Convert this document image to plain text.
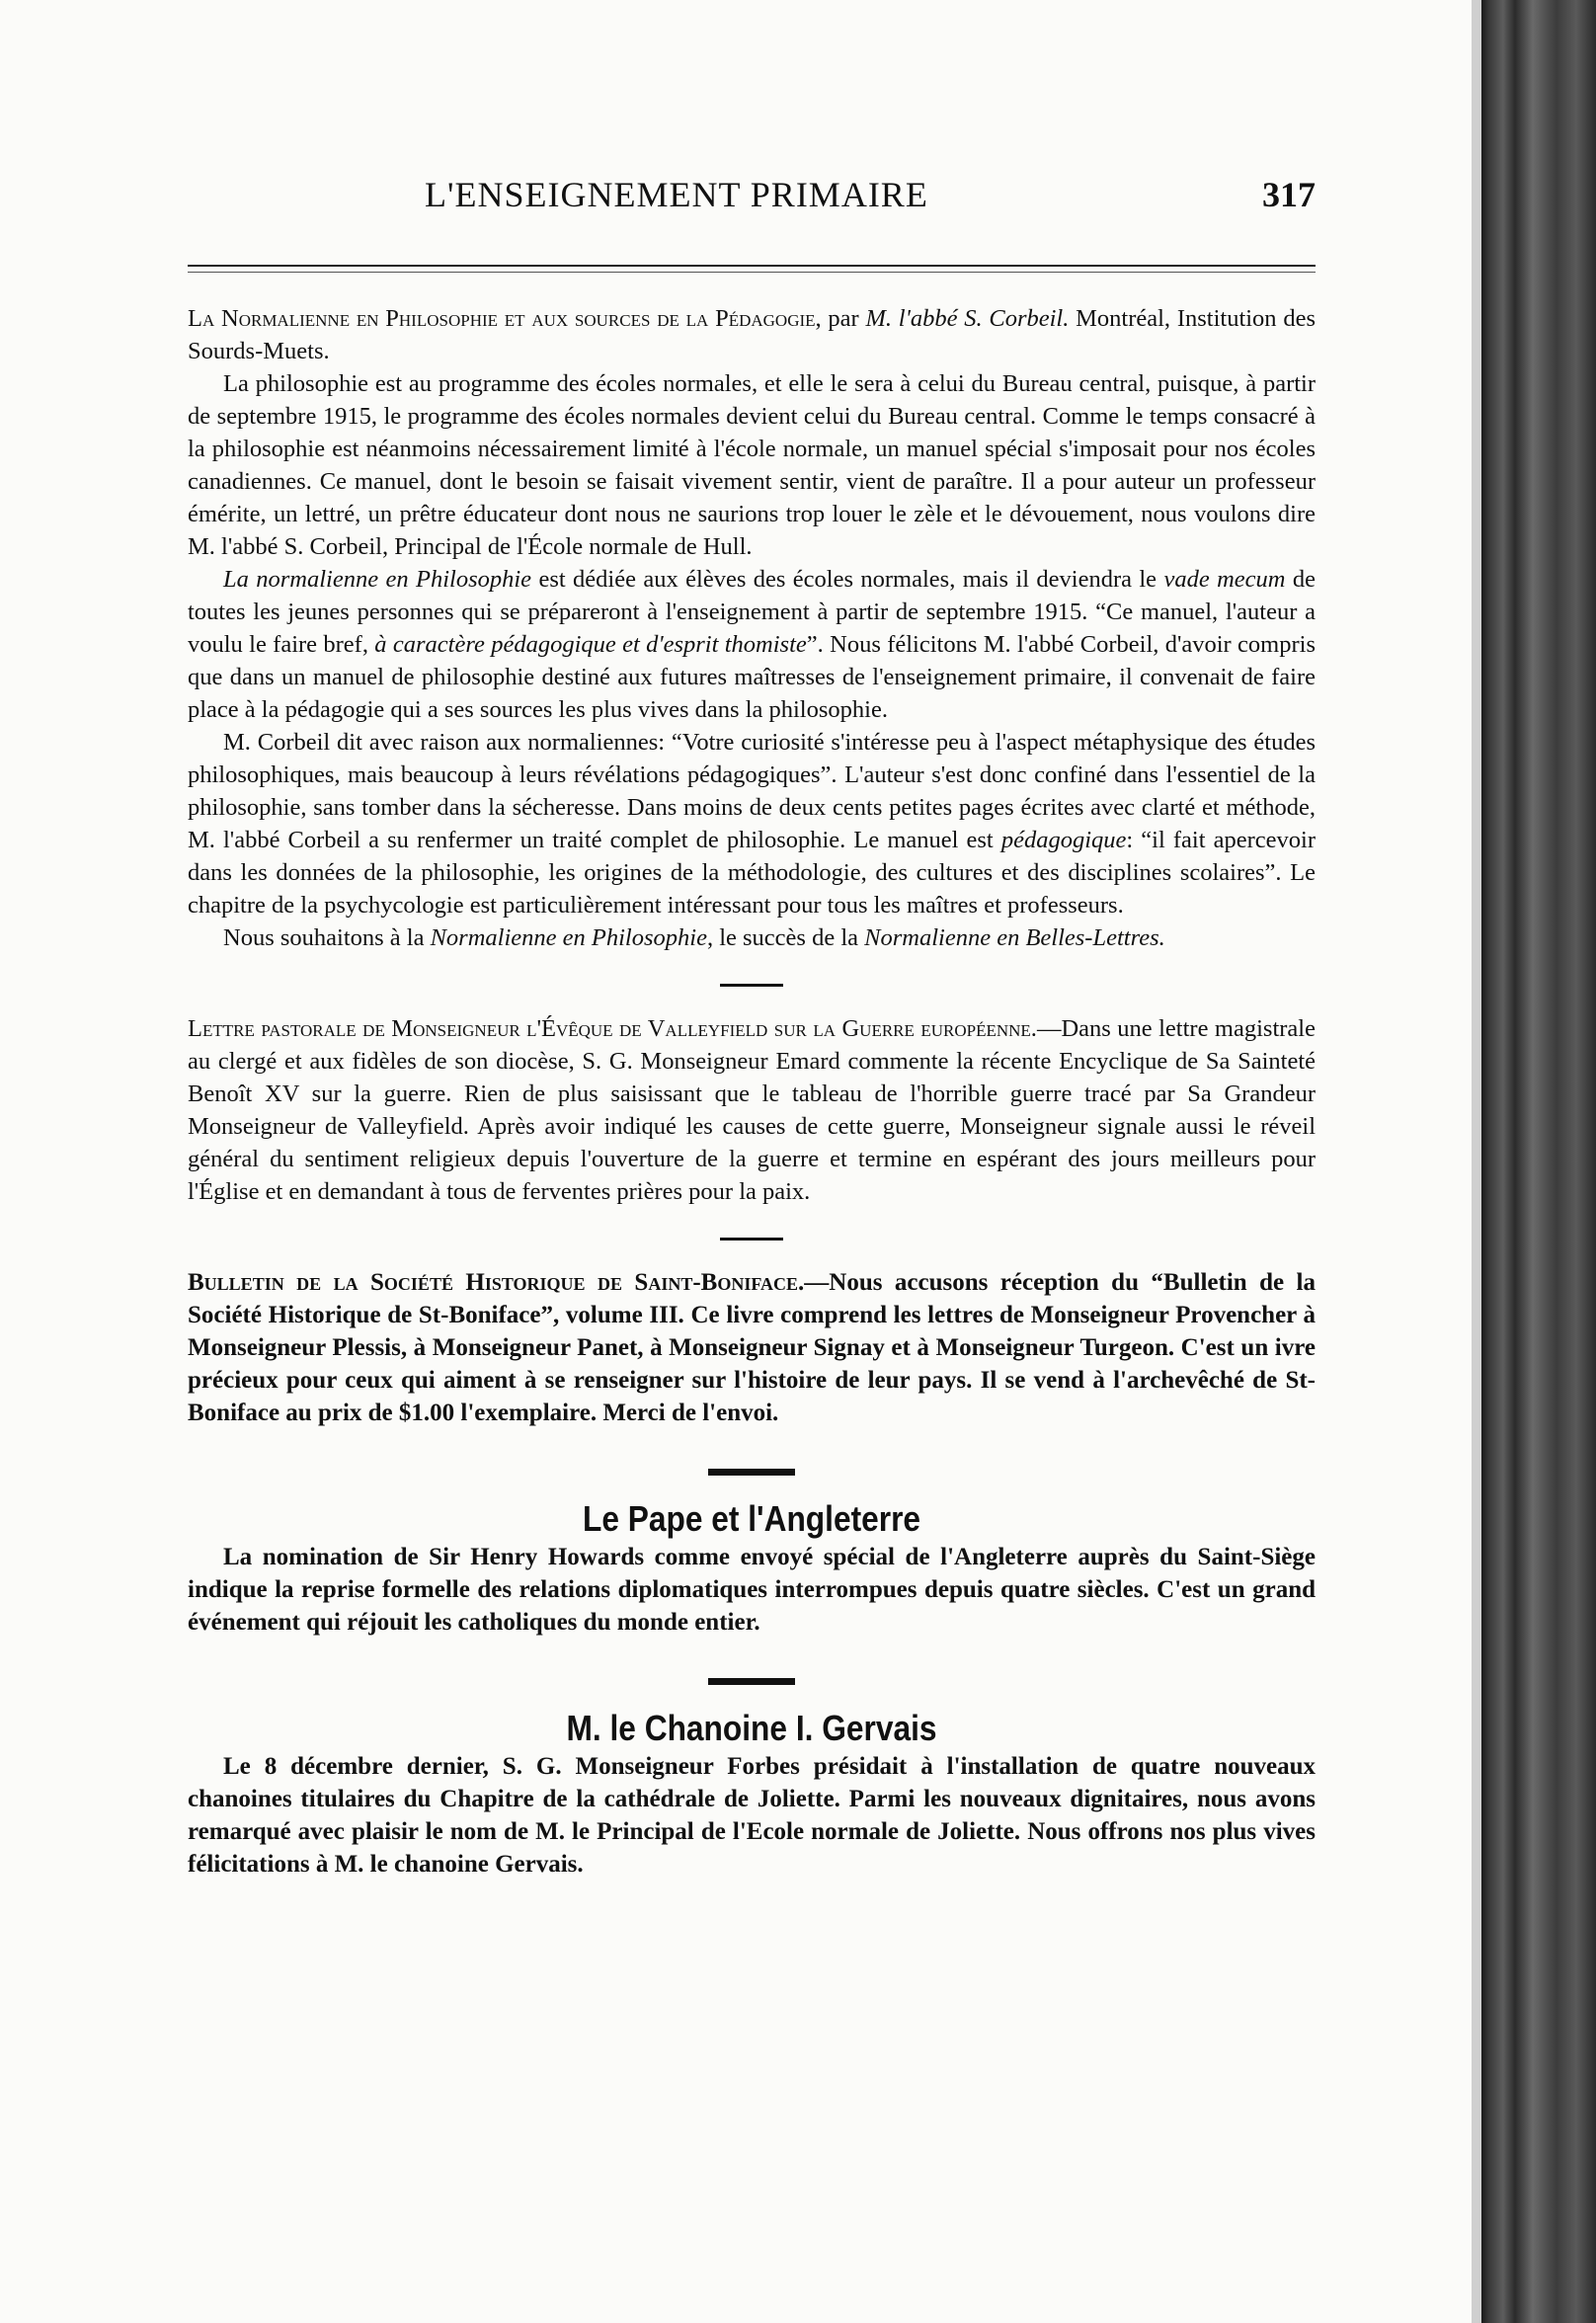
L'ENSEIGNEMENT PRIMAIRE	317

La Normalienne en Philosophie et aux sources de la Pédagogie, par M. l'abbé S. Corbeil. Montréal, Institution des Sourds-Muets.

La philosophie est au programme des écoles normales, et elle le sera à celui du Bureau central, puisque, à partir de septembre 1915, le programme des écoles normales devient celui du Bureau central. Comme le temps consacré à la philosophie est néanmoins nécessairement limité à l'école normale, un manuel spécial s'imposait pour nos écoles canadiennes. Ce manuel, dont le besoin se faisait vivement sentir, vient de paraître. Il a pour auteur un professeur émérite, un lettré, un prêtre éducateur dont nous ne saurions trop louer le zèle et le dévouement, nous voulons dire M. l'abbé S. Corbeil, Principal de l'École normale de Hull.

La normalienne en Philosophie est dédiée aux élèves des écoles normales, mais il deviendra le vade mecum de toutes les jeunes personnes qui se prépareront à l'enseignement à partir de septembre 1915. “Ce manuel, l'auteur a voulu le faire bref, à caractère pédagogique et d'esprit thomiste”. Nous félicitons M. l'abbé Corbeil, d'avoir compris que dans un manuel de philosophie destiné aux futures maîtresses de l'enseignement primaire, il convenait de faire place à la pédagogie qui a ses sources les plus vives dans la philosophie.

M. Corbeil dit avec raison aux normaliennes: “Votre curiosité s'intéresse peu à l'aspect métaphysique des études philosophiques, mais beaucoup à leurs révélations pédagogiques”. L'auteur s'est donc confiné dans l'essentiel de la philosophie, sans tomber dans la sécheresse. Dans moins de deux cents petites pages écrites avec clarté et méthode, M. l'abbé Corbeil a su renfermer un traité complet de philosophie. Le manuel est pédagogique: “il fait apercevoir dans les données de la philosophie, les origines de la méthodologie, des cultures et des disciplines scolaires”. Le chapitre de la psychycologie est particulièrement intéressant pour tous les maîtres et professeurs.

Nous souhaitons à la Normalienne en Philosophie, le succès de la Normalienne en Belles-Lettres.

Lettre pastorale de Monseigneur l'Évêque de Valleyfield sur la Guerre européenne.—Dans une lettre magistrale au clergé et aux fidèles de son diocèse, S. G. Monseigneur Emard commente la récente Encyclique de Sa Sainteté Benoît XV sur la guerre. Rien de plus saisissant que le tableau de l'horrible guerre tracé par Sa Grandeur Monseigneur de Valleyfield. Après avoir indiqué les causes de cette guerre, Monseigneur signale aussi le réveil général du sentiment religieux depuis l'ouverture de la guerre et termine en espérant des jours meilleurs pour l'Église et en demandant à tous de ferventes prières pour la paix.

Bulletin de la Société Historique de Saint-Boniface.—Nous accusons réception du “Bulletin de la Société Historique de St-Boniface”, volume III. Ce livre comprend les lettres de Monseigneur Provencher à Monseigneur Plessis, à Monseigneur Panet, à Monseigneur Signay et à Monseigneur Turgeon. C'est un ivre précieux pour ceux qui aiment à se renseigner sur l'histoire de leur pays. Il se vend à l'archevêché de St-Boniface au prix de $1.00 l'exemplaire. Merci de l'envoi.

Le Pape et l'Angleterre

La nomination de Sir Henry Howards comme envoyé spécial de l'Angleterre auprès du Saint-Siège indique la reprise formelle des relations diplomatiques interrompues depuis quatre siècles. C'est un grand événement qui réjouit les catholiques du monde entier.

M. le Chanoine I. Gervais

Le 8 décembre dernier, S. G. Monseigneur Forbes présidait à l'installation de quatre nouveaux chanoines titulaires du Chapitre de la cathédrale de Joliette. Parmi les nouveaux dignitaires, nous avons remarqué avec plaisir le nom de M. le Principal de l'Ecole normale de Joliette. Nous offrons nos plus vives félicitations à M. le chanoine Gervais.
